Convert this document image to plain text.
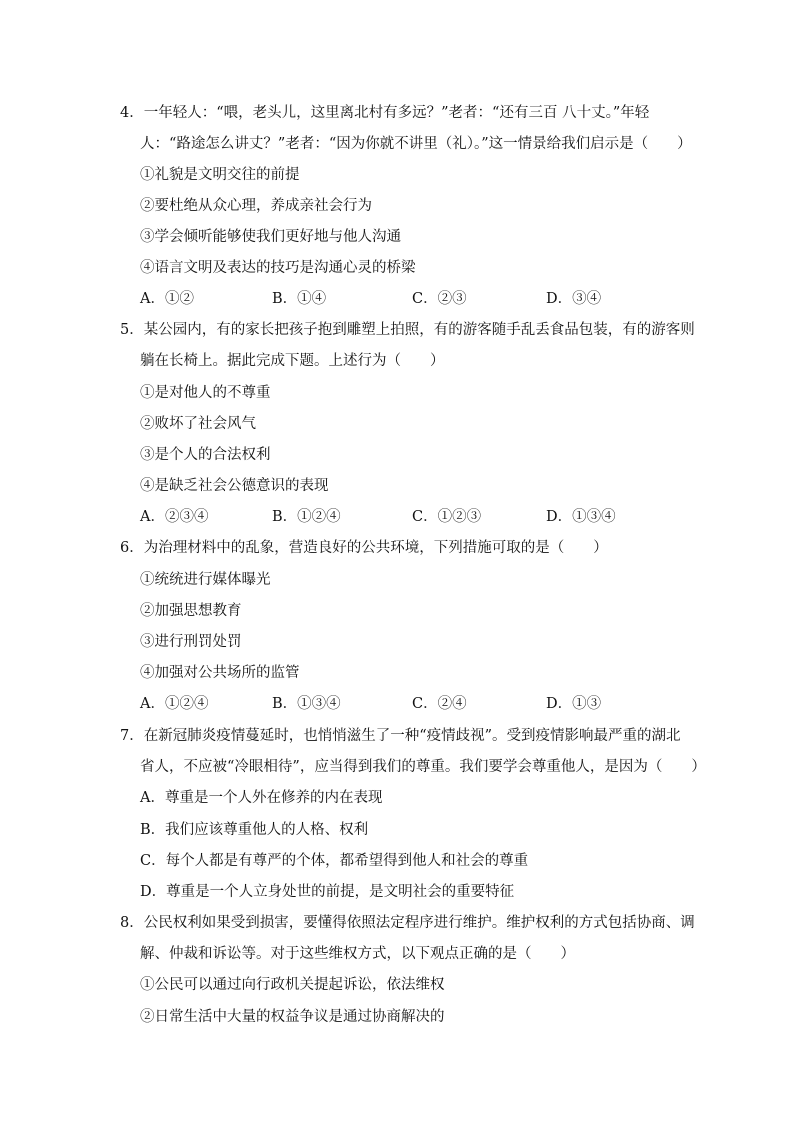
4．一年轻人：“喂，老头儿，这里离北村有多远？”老者：“还有三百 八十丈。”年轻
人：“路途怎么讲丈？”老者：“因为你就不讲里（礼）。”这一情景给我们启示是（　　）
①礼貌是文明交往的前提
②要杜绝从众心理，养成亲社会行为
③学会倾听能够使我们更好地与他人沟通
④语言文明及表达的技巧是沟通心灵的桥梁
A．①②	B．①④	C．②③	D．③④
5．某公园内，有的家长把孩子抱到雕塑上拍照，有的游客随手乱丢食品包装，有的游客则
躺在长椅上。据此完成下题。上述行为（　　）
①是对他人的不尊重
②败坏了社会风气
③是个人的合法权利
④是缺乏社会公德意识的表现
A．②③④	B．①②④	C．①②③	D．①③④
6．为治理材料中的乱象，营造良好的公共环境，下列措施可取的是（　　）
①统统进行媒体曝光
②加强思想教育
③进行刑罚处罚
④加强对公共场所的监管
A．①②④	B．①③④	C．②④	D．①③
7．在新冠肺炎疫情蔓延时，也悄悄滋生了一种“疫情歧视”。受到疫情影响最严重的湖北
省人，不应被“冷眼相待”，应当得到我们的尊重。我们要学会尊重他人，是因为（　　）
A．尊重是一个人外在修养的内在表现
B．我们应该尊重他人的人格、权利
C．每个人都是有尊严的个体，都希望得到他人和社会的尊重
D．尊重是一个人立身处世的前提，是文明社会的重要特征
8．公民权利如果受到损害，要懂得依照法定程序进行维护。维护权利的方式包括协商、调
解、仲裁和诉讼等。对于这些维权方式，以下观点正确的是（　　）
①公民可以通过向行政机关提起诉讼，依法维权
②日常生活中大量的权益争议是通过协商解决的
